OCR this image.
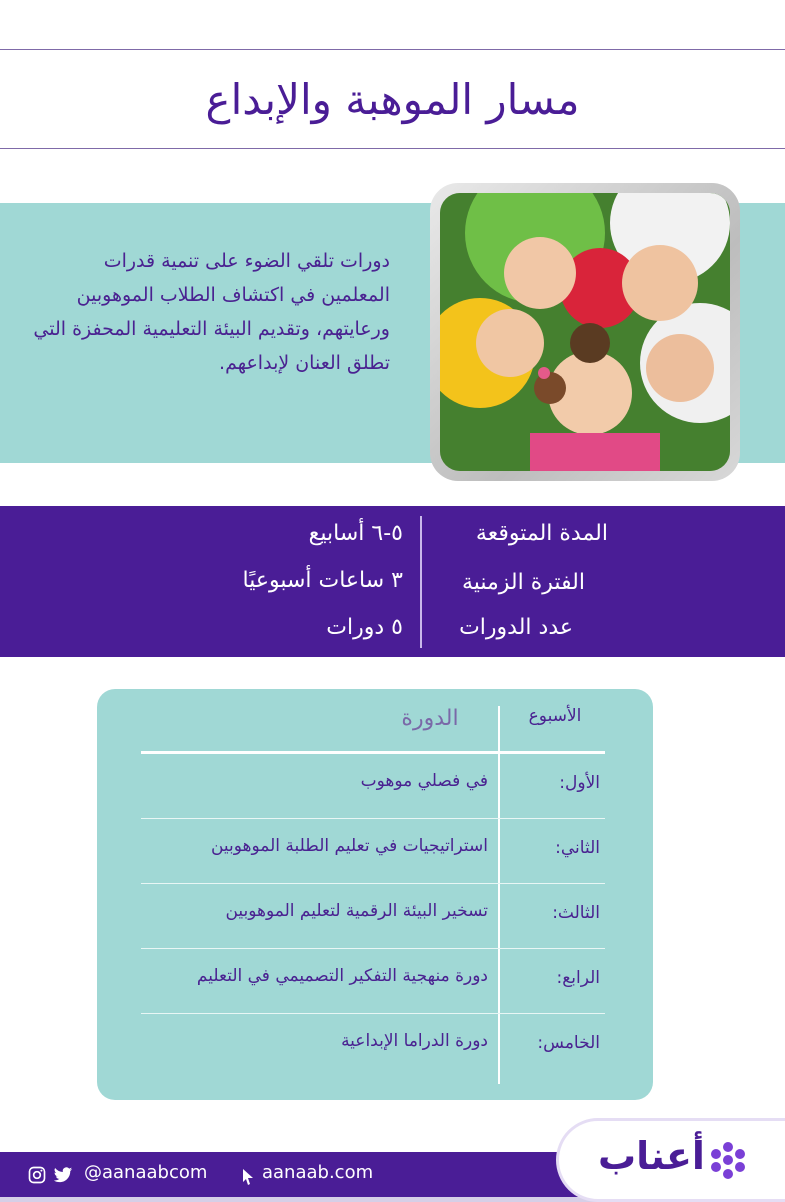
مسار الموهبة والإبداع

دورات تلقي الضوء على تنمية قدرات المعلمين في اكتشاف الطلاب الموهوبين ورعايتهم، وتقديم البيئة التعليمية المحفزة التي تطلق العنان لإبداعهم.

المدة المتوقعة
٥-٦ أسابيع
الفترة الزمنية
٣ ساعات أسبوعيًا
عدد الدورات
٥ دورات
الأسبوع
الدورة
الأول:
في فصلي موهوب
الثاني:
استراتيجيات في تعليم الطلبة الموهوبين
الثالث:
تسخير البيئة الرقمية لتعليم الموهوبين
الرابع:
دورة منهجية التفكير التصميمي في التعليم
الخامس:
دورة الدراما الإبداعية
أعناب
aanaab.com
@aanaabcom
